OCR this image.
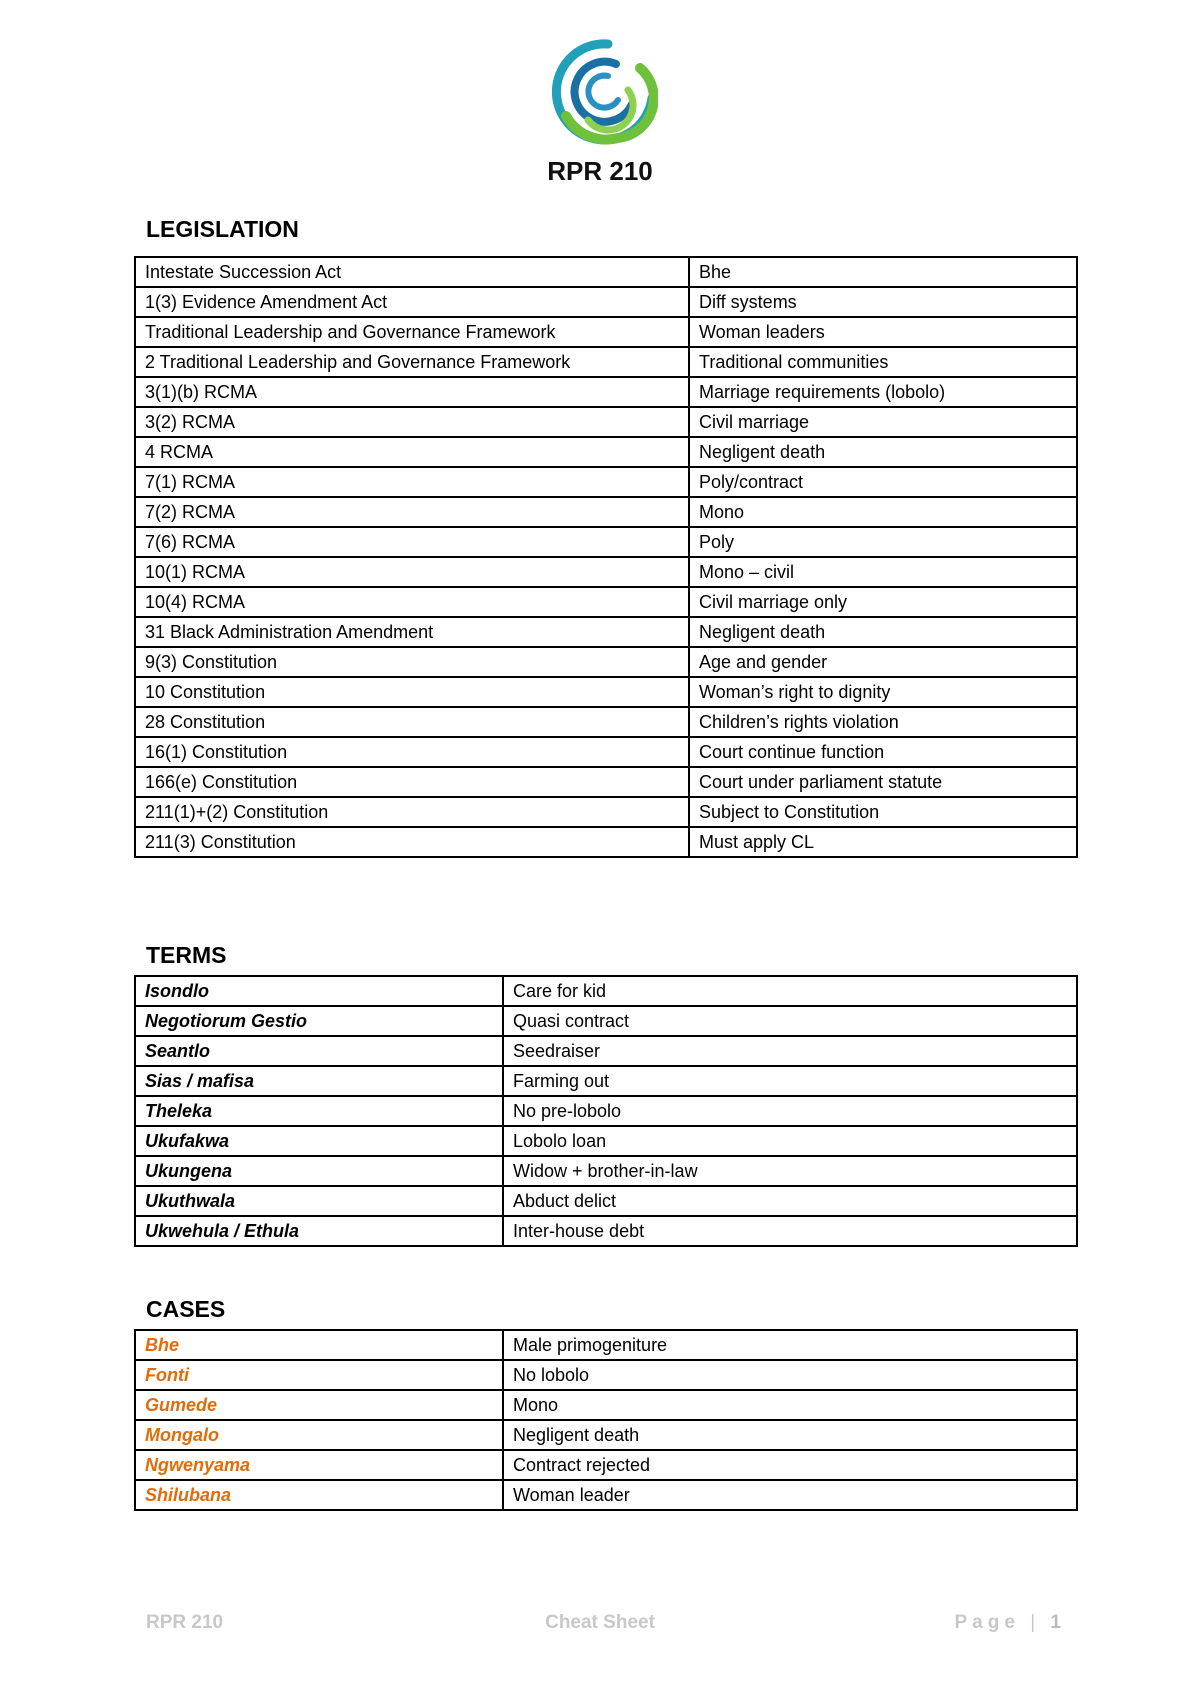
RPR 210
LEGISLATION
Intestate Succession Act	Bhe
1(3) Evidence Amendment Act	Diff systems
Traditional Leadership and Governance Framework	Woman leaders
2 Traditional Leadership and Governance Framework	Traditional communities
3(1)(b) RCMA	Marriage requirements (lobolo)
3(2) RCMA	Civil marriage
4 RCMA	Negligent death
7(1) RCMA	Poly/contract
7(2) RCMA	Mono
7(6) RCMA	Poly
10(1) RCMA	Mono – civil
10(4) RCMA	Civil marriage only
31 Black Administration Amendment	Negligent death
9(3) Constitution	Age and gender
10 Constitution	Woman’s right to dignity
28 Constitution	Children’s rights violation
16(1) Constitution	Court continue function
166(e) Constitution	Court under parliament statute
211(1)+(2) Constitution	Subject to Constitution
211(3) Constitution	Must apply CL
TERMS
Isondlo	Care for kid
Negotiorum Gestio	Quasi contract
Seantlo	Seedraiser
Sias / mafisa	Farming out
Theleka	No pre-lobolo
Ukufakwa	Lobolo loan
Ukungena	Widow + brother-in-law
Ukuthwala	Abduct delict
Ukwehula / Ethula	Inter-house debt
CASES
Bhe	Male primogeniture
Fonti	No lobolo
Gumede	Mono
Mongalo	Negligent death
Ngwenyama	Contract rejected
Shilubana	Woman leader
RPR 210	Cheat Sheet	Page | 1
